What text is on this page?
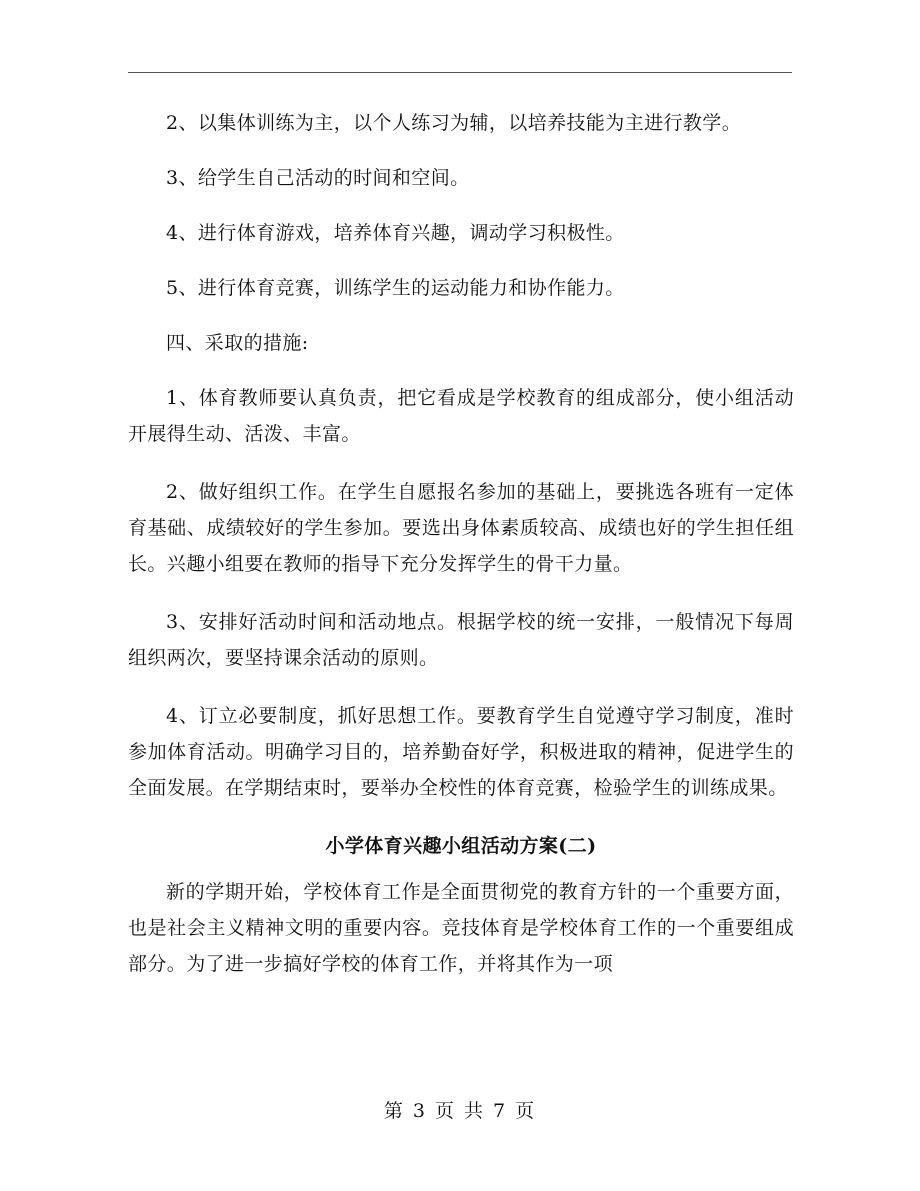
2、以集体训练为主，以个人练习为辅，以培养技能为主进行教学。

3、给学生自己活动的时间和空间。

4、进行体育游戏，培养体育兴趣，调动学习积极性。

5、进行体育竞赛，训练学生的运动能力和协作能力。

四、采取的措施:

1、体育教师要认真负责，把它看成是学校教育的组成部分，使小组活动开展得生动、活泼、丰富。

2、做好组织工作。在学生自愿报名参加的基础上，要挑选各班有一定体育基础、成绩较好的学生参加。要选出身体素质较高、成绩也好的学生担任组长。兴趣小组要在教师的指导下充分发挥学生的骨干力量。

3、安排好活动时间和活动地点。根据学校的统一安排，一般情况下每周组织两次，要坚持课余活动的原则。

4、订立必要制度，抓好思想工作。要教育学生自觉遵守学习制度，准时参加体育活动。明确学习目的，培养勤奋好学，积极进取的精神，促进学生的全面发展。在学期结束时，要举办全校性的体育竞赛，检验学生的训练成果。

小学体育兴趣小组活动方案(二)

新的学期开始，学校体育工作是全面贯彻党的教育方针的一个重要方面，也是社会主义精神文明的重要内容。竞技体育是学校体育工作的一个重要组成部分。为了进一步搞好学校的体育工作，并将其作为一项

第 3 页 共 7 页
